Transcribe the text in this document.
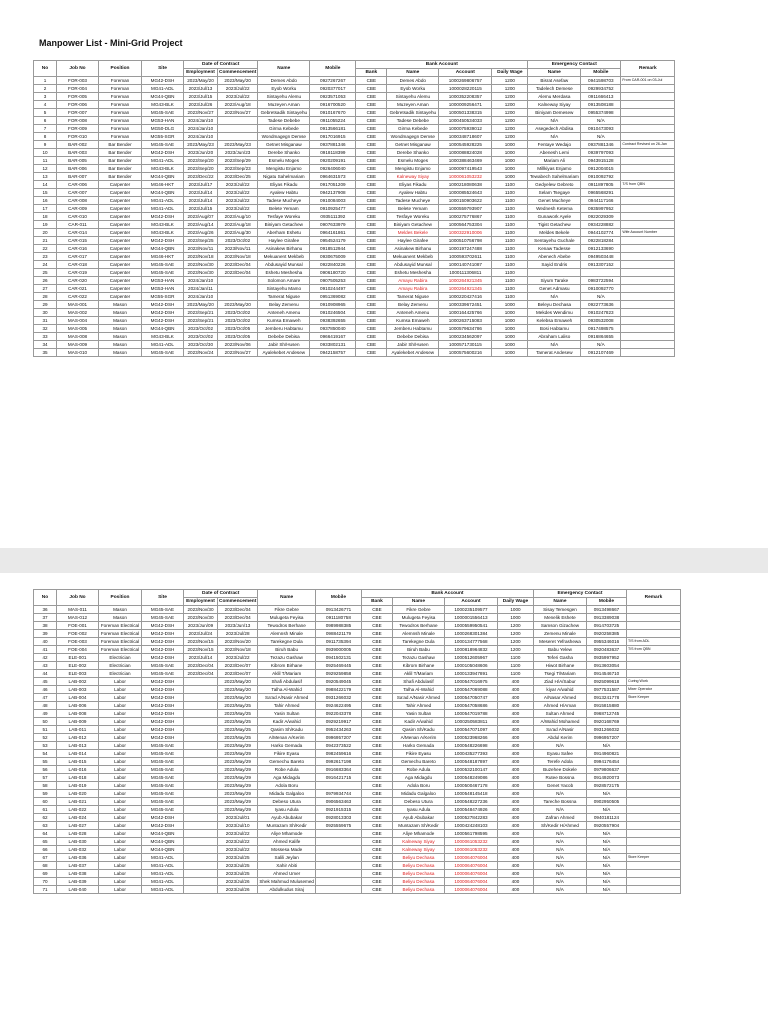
Manpower List - Mini-Grid Project
No	Job No	Position	Site	Date of Contract		Name	Mobile	Bank Account				Emergency Contact		Remark
				Employment	Commencement			Bank	Name	Account	Daily Wage	Name	Mobile	
1	FOR-003	Foreman	MG42-DSH	2023/May/20	2023/May/20	Demes Abdo	0927267267	CBE	Demes Abdo	1000269806757	1200	Bisrat Asefaw	0941598703	From CAR-001 on 03-Jul
2	FOR-004	Foreman	MG41-ADL	2023/Jul/13	2023/Jul/22	Eyob Worku	0920377017	CBE	Eyob Worku	1000028220115	1200	Tadelech Demese	0929934752	
3	FOR-005	Foreman	MG44-QBN	2023/Jul/15	2023/Jul/22	Sintayehu Alemu	0923571053	CBE	Sintayehu Alemu	1000352208357	1200	Alemu Merdasa	0911666413	
4	FOR-006	Foreman	MG43-BLK	2023/Jul/26	2023/Aug/18	Muzeyen Aman	0916700520	CBE	Muzeyen Aman	1000009256471	1200	Kalneway Siyay	0913508188	
5	FOR-007	Foreman	MG45-SAE	2023/Nov/27	2023/Nov/27	Gebretsadik Sintayehu	0910167670	CBE	Gebretsadik Sintayehu	1000501338315	1200	Biniyam Demesew	0955374998	
6	FOR-008	Foreman	MG53-HAN	2024/Jan/10		Tadese Debebe	0911055224	CBE	Tadese Debebe	1000450534033	1200	N/A	N/A	
7	FOR-009	Foreman	MG50-DLG	2024/Jan/10		Girma Kebede	0913566181	CBE	Girma Kebede	1000075939012	1200	Asegedech Abdisa	0910473093	
8	FOR-010	Foreman	MG55-SGR	2024/Jan/10		Wondmagegn Demse	0917016915	CBE	Wondmagegn Demse	1000348718607	1200	N/A	N/A	
9	BAR-002	Bar Bender	MG45-SAE	2023/May/23	2023/May/23	Getnet Misganaw	0937881346	CBE	Getnet Misganaw	1000545928225	1000	Fentaye Wedajo	0937881346	Contract Revised on 26-Jan
10	BAR-003	Bar Bender	MG42-DSH	2023/Jun/20	2023/Jun/23	Derebe Shanko	0918118399	CBE	Derebe Shanko	1000088824028	1000	Abenesh Lemi	0939797093	
11	BAR-005	Bar Bender	MG41-ADL	2023/Sep/20	2023/Sep/29	Esmelu Moges	0920209191	CBE	Esmelu Moges	1000388463469	1000	Mariam Ali	0943915128	
12	BAR-006	Bar Bender	MG43-BLK	2023/Sep/20	2023/Sep/23	Mengistu Enjamo	0926406040	CBE	Mengistu Enjamo	1000097419543	1000	Millkiyas Enjamo	0912004015	
13	BAR-007	Bar Bender	MG44-QBN	2023/Dec/22	2023/Dec/25	Nigatu Sahelmariam	0964631573	CBE	Kalneway Siyay	1000061053232	1000	Tewabech Sahelmariam	0910092792	
14	CAR-006	Carpenter	MG46-HKT	2023/Jul/17	2023/Jul/22	Eliyas Fikadu	0917051209	CBE	Eliyas Fikadu	1000218080638	1100	Gedyelew Gebreto	0911897805	T/S from QBN
15	CAR-007	Carpenter	MG44-QBN	2023/Jul/14	2023/Jul/22	Ayalew Habtu	0942137908	CBE	Ayalew Habtu	1000085524643	1100	Selam Tsegaye	0965568291	
16	CAR-008	Carpenter	MG41-ADL	2023/Jul/14	2023/Jul/22	Tadese Mucheye	0910084003	CBE	Tadese Mucheye	1000150903622	1100	Genet Mucheye	0944117166	
17	CAR-009	Carpenter	MG41-ADL	2023/Jul/15	2023/Jul/22	Belete Yemam	0910925477	CBE	Belete Yemam	1000559793907	1100	Wednesh Ketema	0935997952	
18	CAR-010	Carpenter	MG42-DSH	2023/Aug/07	2023/Aug/10	Tesfaye Woreku	0935111392	CBE	Tesfaye Woreku	1000275776867	1100	Gunawork Ayele	0922029309	
19	CAR-011	Carpenter	MG43-BLK	2023/Aug/14	2023/Aug/18	Biniyam Getachew	0907633979	CBE	Biniyam Getachew	1000564753304	1100	Tigist Getachew	0934228882	
20	CAR-014	Carpenter	MG43-BLK	2023/Aug/26	2023/Aug/30	Aberham Eshetu	0964161861	CBE	Meldes Bekele	1000322910006	1100	Meldes Bekele	0944102774	Wife Account Number
21	CAR-015	Carpenter	MG42-DSH	2023/Sep/25	2023/Oct/02	Haylee Girafee	0954524179	CBE	Haylee Girafee	1000510756798	1100	Sentayehu Guchale	0922818284	
22	CAR-016	Carpenter	MG44-QBN	2023/Nov/11	2023/Nov/11	Asinakew Birhanu	0918512944	CBE	Asinakew Birhanu	1000197247488	1100	Kenaw Tadesse	0912133690	
23	CAR-017	Carpenter	MG46-HKT	2023/Nov/18	2023/Nov/18	Mekuanent Mekbeb	0930675009	CBE	Mekuanent Mekbeb	1000593702611	1100	Abenech Abebe	0949503448	
24	CAR-018	Carpenter	MG45-SAE	2023/Nov/30	2023/Dec/04	Abdusayid Munsal	0922840226	CBE	Abdusayid Munsal	1000140741087	1100	Sayid Endris	0913307152	
25	CAR-019	Carpenter	MG45-SAE	2023/Nov/30	2023/Dec/04	Eshetu Meshesha	0906180720	CBE	Eshetu Meshesha	1000111306811	1100			
26	CAR-020	Carpenter	MG53-HAN	2024/Jan/10		Solomon Amare	0907505253	CBE	Amayu Rabira	1000264921345	1100	Siyum Tarake	0983722594	
27	CAR-021	Carpenter	MG53-HAN	2024/Jan/11		Sintayehu Mamo	0910244497	CBE	Amayu Rabira	1000264921345	1100	Genet Admasu	0910092770	
28	CAR-022	Carpenter	MG55-SGR	2024/Jan/10		Tamerat Niguse	0951369082	CBE	Tamerat Niguse	1000220427416	1100	N/A	N/A	
29	MAS-001	Mason	MG42-DSH	2023/May/20	2023/May/20	Belay Zemenu	0910908965	CBE	Belay Zemenu	1000339672451	1000	Beleyu Dechasa	0922773636	
30	MAS-002	Mason	MG42-DSH	2023/Sep/21	2023/Oct/02	Anteneh Amenu	0910246504	CBE	Anteneh Amenu	1000164425766	1000	Mekdes Wendimu	0910247823	
31	MAS-004	Mason	MG42-DSH	2023/Sep/21	2023/Oct/02	Kumsa Emaweh	0938392655	CBE	Kumsa Emaweh	1000263715083	1000	Kelebsa Emaweh	0930532008	
32	MAS-005	Mason	MG44-QBN	2023/Oct/02	2023/Oct/05	Jemberu Habtamu	0937850040	CBE	Jemberu Habtamu	1000579634786	1000	Bosi Habtamu	0917498575	
33	MAS-008	Mason	MG43-BLK	2023/Oct/02	2023/Oct/05	Debebe Debisa	0966419167	CBE	Debebe Debisa	1000234562097	1000	Abraham Laliso	0916864655	
34	MAS-009	Mason	MG41-ADL	2023/Oct/30	2023/Nov/06	Jabir Sh/Husen	0933802131	CBE	Jabir Sh/Husen	1000571730115	1000	N/A	N/A	
35	MAS-010	Mason	MG45-SAE	2023/Nov/24	2023/Nov/27	Ayalekebet Andesew	0942158757	CBE	Ayalekebet Andesew	1000575600216	1000	Tamerat Andesew	0912107469	
No	Job No	Position	Site	Date of Contract		Name	Mobile	Bank Account				Emergency Contact		Remark
				Employment	Commencement			Bank	Name	Account	Daily Wage	Name	Mobile	
36	MAS-011	Mason	MG45-SAE	2023/Nov/30	2023/Dec/04	Fikre Gebre	0913426771	CBE	Fikre Gebre	1000235109577	1000	Sisay Temesgen	0913498667	
37	MAS-012	Mason	MG45-SAE	2023/Nov/30	2023/Dec/04	Mulugeta Feyisa	0911180758	CBE	Mulugeta Feyisa	1000001556413	1000	Menelik Eshete	0913389038	
38	FOE-001	Foreman Electrical	MG42-DSH	2023/Jun/09	2023/Jun/13	Tewodros Berhane	0989988385	CBE	Tewodros Berhane	1000559950541	1200	Samson Gizachew	0914703725	
39	FOE-002	Foreman Electrical	MG42-DSH	2023/Jul/24	2023/Jul/28	Alemnsh Minale	0988421179	CBE	Alemnsh Minale	1000268301384	1200	Zemenu Minale	0920258385	
40	FOE-003	Foreman Electrical	MG42-DSH	2023/Nov/15	2023/Nov/20	Tarekegne Dula	0911735394	CBE	Tarekegne Dula	1000134777568	1200	Meseret Yefrashewa	0955346016	T/S from ADL
41	FOE-004	Foreman Electrical	MG42-DSH	2023/Nov/15	2023/Nov/18	Biruh Babu	0939000005	CBE	Biruh Babu	1000818964832	1200	Babu Yelew	0920483637	T/S from QBN
42	ELE-001	Electrician	MG42-DSH	2023/Jul/14	2023/Jul/22	Tezazu Gashaw	0941502131	CBE	Tezazu Gashaw	1000512605967	1100	Teferi Gasha	0935997952	
43	ELE-002	Electrician	MG45-SAE	2023/Dec/04	2023/Dec/07	Kibrom Birhane	0925469445	CBE	Kibrom Birhane	1000105048606	1100	Hiwot Birhane	0913603054	
44	ELE-003	Electrician	MG45-SAE	2023/Dec/04	2023/Dec/07	Aklil T/Mariam	0929259858	CBE	Aklil T/Mariam	1000133947891	1100	Tsegi T/Mariam	0914546710	
45	LAB-002	Labor	MG42-DSH		2023/May/20	Shafi Abdulasif	0920549045	CBE	Shafi Abdulasif	1000547016975	400	Ziad H/A/Sabur	0925099618	Curing Work
46	LAB-003	Labor	MG42-DSH		2023/May/20	Talha Al-Wahid	0988422179	CBE	Talha Al-Wahid	1000547069088	400	kiyar A/wahid	0977531587	Mixer Operator
47	LAB-004	Labor	MG42-DSH		2023/May/20	Sa'ad A/Nasir Ahmed	0931266032	CBE	Sa'ad A/Nasir Ahmed	1000547050747	400	A/Nasar Ahmed	0913241778	Store Keeper
48	LAB-006	Labor	MG42-DSH		2023/May/25	Tahir Ahmed	0924622495	CBE	Tahir Ahmed	1000547058686	400	Ahmed H/Aman	0915815880	
49	LAB-008	Labor	MG42-DSH		2023/May/25	Yasin Sultan	0922043378	CBE	Yasin Sultan	1000547019788	400	Sultan Ahmed	0968712745	
50	LAB-009	Labor	MG42-DSH		2023/May/25	Kadir A/wahid	0929219917	CBE	Kadir A/wahid	1000250583811	400	A/Wahid Mohamed	0920168769	
51	LAB-011	Labor	MG42-DSH		2023/May/25	Qasim Sh/Kadu	0952434263	CBE	Qasim Sh/Kadu	1000547071097	400	Sa'ad A/Nasir	0931266032	
52	LAB-012	Labor	MG42-DSH		2023/May/25	A/Menan A/Kerim	0996957207	CBE	A/Menan A/Kerim	1000523968266	400	Abdul Kerim	0996957207	
53	LAB-013	Labor	MG45-SAE		2023/May/29	Harko Gemada	0942373522	CBE	Harko Gemada	1000548226698	400	N/A	N/A	
54	LAB-014	Labor	MG45-SAE		2023/May/29	Fikire Eyasu	0982459616	CBE	Fikire Eyasu	1000435277393	400	Eyasu Safee	0914960821	
55	LAB-015	Labor	MG45-SAE		2023/May/29	Gemechu Bareto	0992617198	CBE	Gemechu Bareto	1000548187897	400	Terefe Adola	0994176454	
56	LAB-016	Labor	MG45-SAE		2023/May/29	Robe Adula	0916683364	CBE	Robe Adula	1000532100147	400	Buzehee Dokele	0979806637	
57	LAB-018	Labor	MG45-SAE		2023/May/29	Aga Midagdu	0916421715	CBE	Aga Midagdu	1000548249086	400	Rutee Bossna	0914920073	
58	LAB-019	Labor	MG45-SAE		2023/May/29	Adola Boru		CBE	Adola Boru	1000500467178	400	Genet Yacob	0928572175	
59	LAB-020	Labor	MG45-SAE		2023/May/29	Midadu Galgaloo	0979934744	CBE	Midadu Galgaloo	1000548145418	400	N/A	N/A	
60	LAB-021	Labor	MG45-SAE		2023/May/29	Debeso Utura	0906563463	CBE	Debeso Utura	1000548227236	400	Tareche Bossna	0902950505	
61	LAB-022	Labor	MG45-SAE		2023/May/29	Iyasu Adula	0921915315	CBE	Iyasu Adula	1000548474926	400	N/A	N/A	
62	LAB-024	Labor	MG42-DSH		2023/Jul/01	Ayub Abubakar	0928013303	CBE	Ayub Abubakar	1000527842283	400	Zafran Ahmed	0940181124	
63	LAB-027	Labor	MG42-DSH		2023/Jul/10	Muntazam Sh/Kedir	0925559675	CBE	Muntazam Sh/Kedir	1000424248103	400	Sh/Kedir H/Ahmed	0920557904	
64	LAB-028	Labor	MG44-QBN		2023/Jul/22	Aliye Mhamode		CBE	Aliye Mhamode	1000561798595	400	N/A	N/A	
65	LAB-030	Labor	MG44-QBN		2023/Jul/22	Ahmed Kalife		CBE	Kalneway Siyay	1000061053232	400	N/A	N/A	
66	LAB-032	Labor	MG44-QBN		2023/Jul/22	Mossesa Made		CBE	Kalneway Siyay	1000061053232	400	N/A	N/A	
67	LAB-036	Labor	MG41-ADL		2023/Jul/25	Salili Jeylan		CBE	Beliyu Dechasa	1000064076004	400	N/A	N/A	Store Keeper
68	LAB-037	Labor	MG41-ADL		2023/Jul/25	Xahir Abiti		CBE	Beliyu Dechasa	1000064076004	400	N/A	N/A	
69	LAB-038	Labor	MG41-ADL		2023/Jul/25	Ahmed Umer		CBE	Beliyu Dechasa	1000064076004	400	N/A	N/A	
70	LAB-039	Labor	MG41-ADL		2023/Jul/26	Shek Mahmud Mulusemed		CBE	Beliyu Dechasa	1000064076004	400	N/A	N/A	
71	LAB-040	Labor	MG41-ADL		2023/Jul/26	Abdulkudus Siraj		CBE	Beliyu Dechasa	1000064076004	400	N/A	N/A	
